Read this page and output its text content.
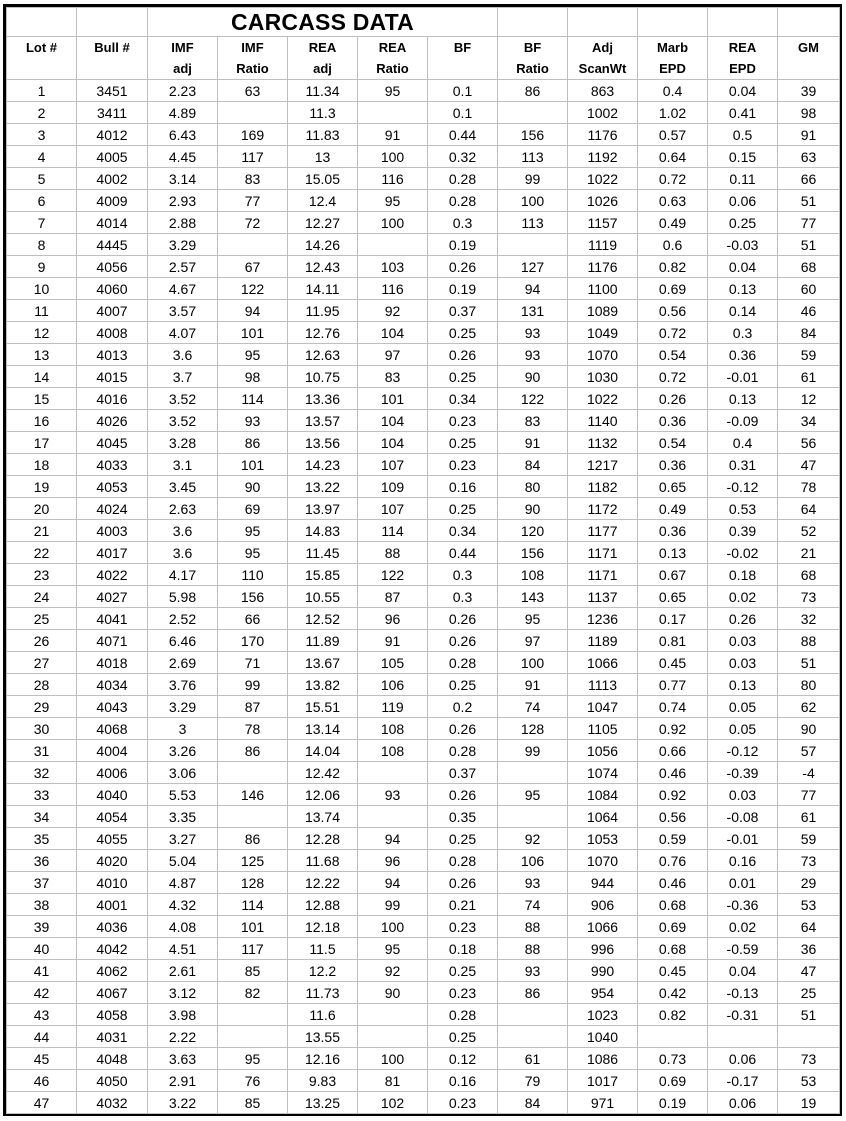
		CARCASS DATA									
Lot #	Bull #	IMF	IMF	REA	REA	BF	BF	Adj	Marb	REA	GM
		adj	Ratio	adj	Ratio		Ratio	ScanWt	EPD	EPD	
1	3451	2.23	63	11.34	95	0.1	86	863	0.4	0.04	39
2	3411	4.89		11.3		0.1		1002	1.02	0.41	98
3	4012	6.43	169	11.83	91	0.44	156	1176	0.57	0.5	91
4	4005	4.45	117	13	100	0.32	113	1192	0.64	0.15	63
5	4002	3.14	83	15.05	116	0.28	99	1022	0.72	0.11	66
6	4009	2.93	77	12.4	95	0.28	100	1026	0.63	0.06	51
7	4014	2.88	72	12.27	100	0.3	113	1157	0.49	0.25	77
8	4445	3.29		14.26		0.19		1119	0.6	-0.03	51
9	4056	2.57	67	12.43	103	0.26	127	1176	0.82	0.04	68
10	4060	4.67	122	14.11	116	0.19	94	1100	0.69	0.13	60
11	4007	3.57	94	11.95	92	0.37	131	1089	0.56	0.14	46
12	4008	4.07	101	12.76	104	0.25	93	1049	0.72	0.3	84
13	4013	3.6	95	12.63	97	0.26	93	1070	0.54	0.36	59
14	4015	3.7	98	10.75	83	0.25	90	1030	0.72	-0.01	61
15	4016	3.52	114	13.36	101	0.34	122	1022	0.26	0.13	12
16	4026	3.52	93	13.57	104	0.23	83	1140	0.36	-0.09	34
17	4045	3.28	86	13.56	104	0.25	91	1132	0.54	0.4	56
18	4033	3.1	101	14.23	107	0.23	84	1217	0.36	0.31	47
19	4053	3.45	90	13.22	109	0.16	80	1182	0.65	-0.12	78
20	4024	2.63	69	13.97	107	0.25	90	1172	0.49	0.53	64
21	4003	3.6	95	14.83	114	0.34	120	1177	0.36	0.39	52
22	4017	3.6	95	11.45	88	0.44	156	1171	0.13	-0.02	21
23	4022	4.17	110	15.85	122	0.3	108	1171	0.67	0.18	68
24	4027	5.98	156	10.55	87	0.3	143	1137	0.65	0.02	73
25	4041	2.52	66	12.52	96	0.26	95	1236	0.17	0.26	32
26	4071	6.46	170	11.89	91	0.26	97	1189	0.81	0.03	88
27	4018	2.69	71	13.67	105	0.28	100	1066	0.45	0.03	51
28	4034	3.76	99	13.82	106	0.25	91	1113	0.77	0.13	80
29	4043	3.29	87	15.51	119	0.2	74	1047	0.74	0.05	62
30	4068	3	78	13.14	108	0.26	128	1105	0.92	0.05	90
31	4004	3.26	86	14.04	108	0.28	99	1056	0.66	-0.12	57
32	4006	3.06		12.42		0.37		1074	0.46	-0.39	-4
33	4040	5.53	146	12.06	93	0.26	95	1084	0.92	0.03	77
34	4054	3.35		13.74		0.35		1064	0.56	-0.08	61
35	4055	3.27	86	12.28	94	0.25	92	1053	0.59	-0.01	59
36	4020	5.04	125	11.68	96	0.28	106	1070	0.76	0.16	73
37	4010	4.87	128	12.22	94	0.26	93	944	0.46	0.01	29
38	4001	4.32	114	12.88	99	0.21	74	906	0.68	-0.36	53
39	4036	4.08	101	12.18	100	0.23	88	1066	0.69	0.02	64
40	4042	4.51	117	11.5	95	0.18	88	996	0.68	-0.59	36
41	4062	2.61	85	12.2	92	0.25	93	990	0.45	0.04	47
42	4067	3.12	82	11.73	90	0.23	86	954	0.42	-0.13	25
43	4058	3.98		11.6		0.28		1023	0.82	-0.31	51
44	4031	2.22		13.55		0.25		1040			
45	4048	3.63	95	12.16	100	0.12	61	1086	0.73	0.06	73
46	4050	2.91	76	9.83	81	0.16	79	1017	0.69	-0.17	53
47	4032	3.22	85	13.25	102	0.23	84	971	0.19	0.06	19
